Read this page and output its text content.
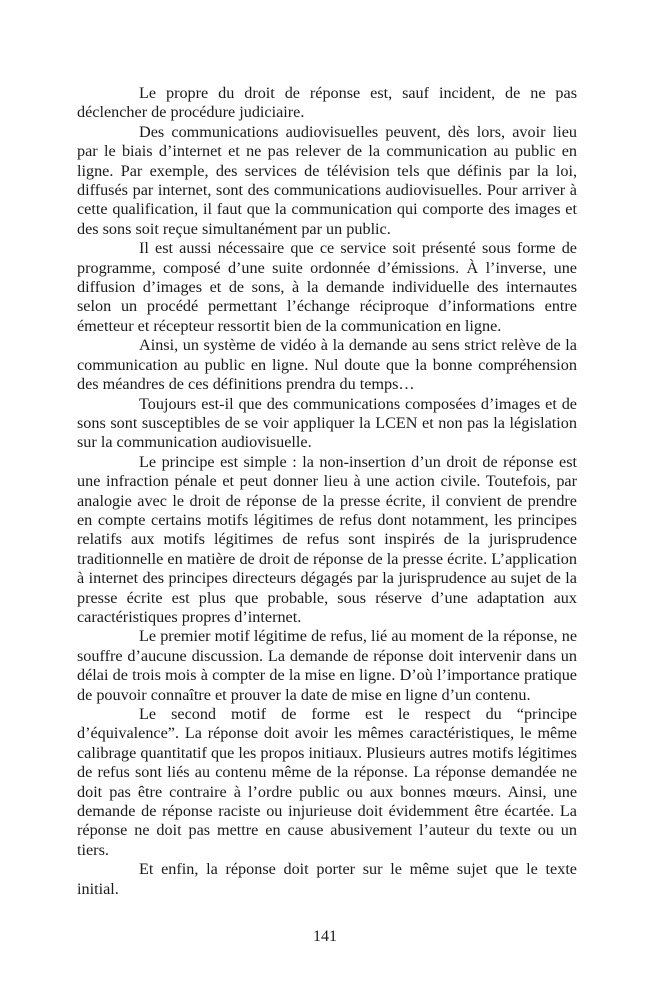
Le propre du droit de réponse est, sauf incident, de ne pas déclencher de procédure judiciaire.

Des communications audiovisuelles peuvent, dès lors, avoir lieu par le biais d’internet et ne pas relever de la communication au public en ligne. Par exemple, des services de télévision tels que définis par la loi, diffusés par internet, sont des communications audiovisuelles. Pour arriver à cette qualification, il faut que la communication qui comporte des images et des sons soit reçue simultanément par un public.

Il est aussi nécessaire que ce service soit présenté sous forme de programme, composé d’une suite ordonnée d’émissions. À l’inverse, une diffusion d’images et de sons, à la demande individuelle des internautes selon un procédé permettant l’échange réciproque d’informations entre émetteur et récepteur ressortit bien de la communication en ligne.

Ainsi, un système de vidéo à la demande au sens strict relève de la communication au public en ligne. Nul doute que la bonne compréhension des méandres de ces définitions prendra du temps…

Toujours est-il que des communications composées d’images et de sons sont susceptibles de se voir appliquer la LCEN et non pas la législation sur la communication audiovisuelle.

Le principe est simple : la non-insertion d’un droit de réponse est une infraction pénale et peut donner lieu à une action civile. Toutefois, par analogie avec le droit de réponse de la presse écrite, il convient de prendre en compte certains motifs légitimes de refus dont notamment, les principes relatifs aux motifs légitimes de refus sont inspirés de la jurisprudence traditionnelle en matière de droit de réponse de la presse écrite. L’application à internet des principes directeurs dégagés par la jurisprudence au sujet de la presse écrite est plus que probable, sous réserve d’une adaptation aux caractéristiques propres d’internet.

Le premier motif légitime de refus, lié au moment de la réponse, ne souffre d’aucune discussion. La demande de réponse doit intervenir dans un délai de trois mois à compter de la mise en ligne. D’où l’importance pratique de pouvoir connaître et prouver la date de mise en ligne d’un contenu.

Le second motif de forme est le respect du “principe d’équivalence”. La réponse doit avoir les mêmes caractéristiques, le même calibrage quantitatif que les propos initiaux. Plusieurs autres motifs légitimes de refus sont liés au contenu même de la réponse. La réponse demandée ne doit pas être contraire à l’ordre public ou aux bonnes mœurs. Ainsi, une demande de réponse raciste ou injurieuse doit évidemment être écartée. La réponse ne doit pas mettre en cause abusivement l’auteur du texte ou un tiers.

Et enfin, la réponse doit porter sur le même sujet que le texte initial.

141
